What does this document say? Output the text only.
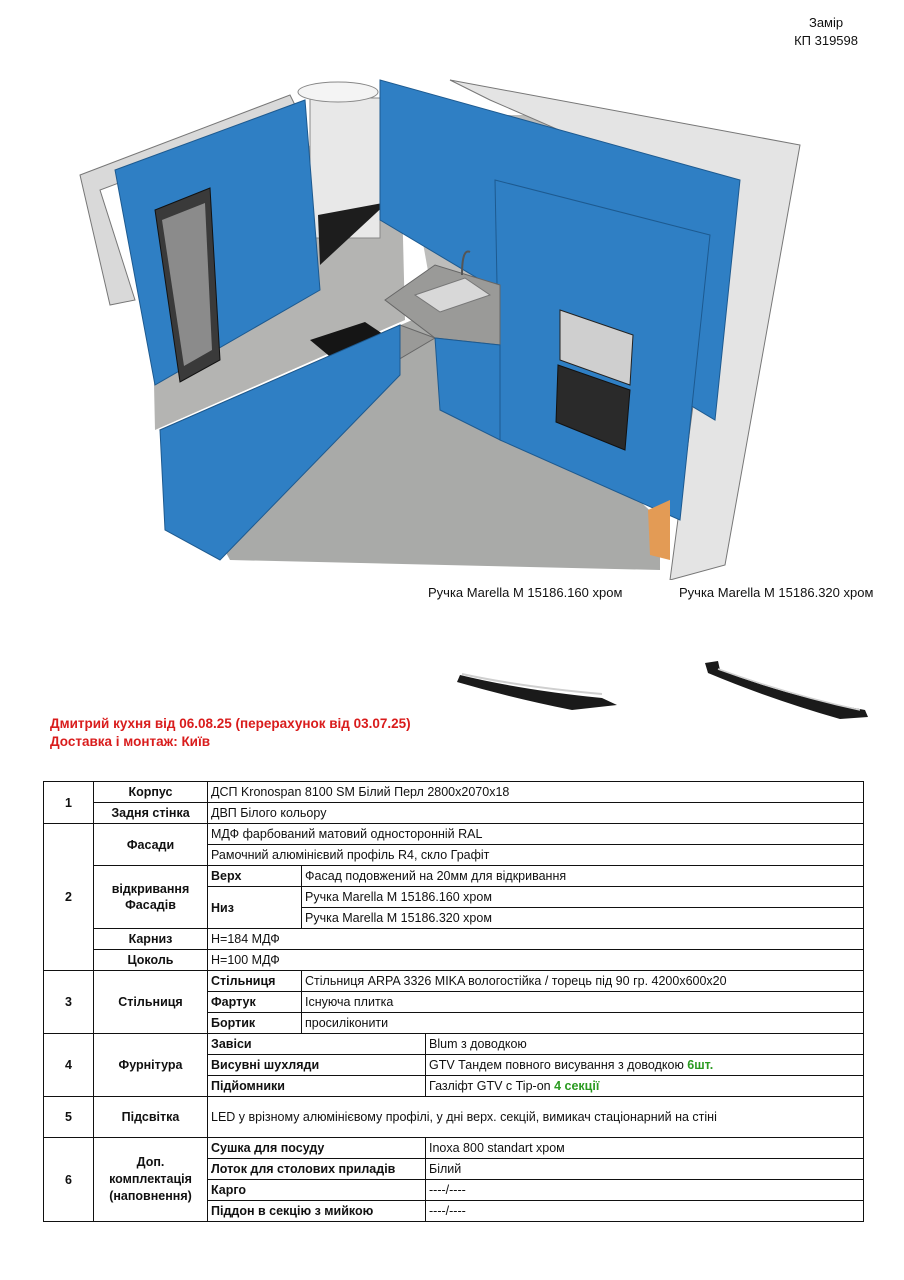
Замір
КП 319598
Ручка Marella M 15186.160 хром	Ручка Marella M 15186.320 хром
Дмитрий кухня від 06.08.25 (перерахунок від 03.07.25)
Доставка і монтаж: Київ
1	Корпус	ДСП Kronospan 8100 SM Білий Перл 2800x2070x18		
	Задня стінка	ДВП Білого кольору		
2	Фасади	МДФ фарбований матовий односторонній RAL		
		Рамочний алюмінієвий профіль R4, скло Графіт		
	відкривання Фасадів	Верх	Фасад подовжений на 20мм для відкривання	
		Низ	Ручка Marella M 15186.160 хром	
			Ручка Marella M 15186.320 хром	
	Карниз	H=184 МДФ		
	Цоколь	H=100 МДФ		
3	Стільниця	Стільниця	Стільниця ARPA 3326 MIKA вологостійка / торець під 90 гр. 4200x600x20	
		Фартук	Існуюча плитка	
		Бортик	просиліконити	
4	Фурнітура	Завіси		Blum з доводкою
		Висувні шухляди		GTV Тандем повного висування з доводкою 6шт.
		Підйомники		Газліфт GTV с Tip-on 4 секції
5	Підсвітка	LED у врізному алюмінієвому профілі, у дні верх. секцій, вимикач стаціонарний на стіні		
6	Доп. комплектація (наповнення)	Сушка для посуду		Inoxa 800 standart хром
		Лоток для столових приладів		Білий
		Карго		----/----
		Піддон в секцію з мийкою		----/----
